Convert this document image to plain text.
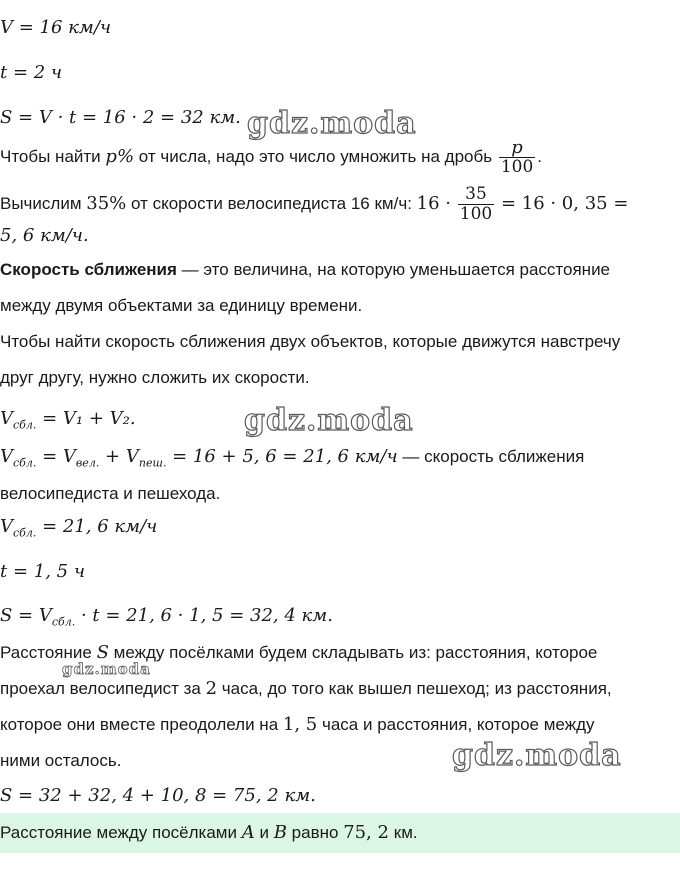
V = 16 км/ч
t = 2 ч
S = V · t = 16 · 2 = 32 км.
Чтобы найти p% от числа, надо это число умножить на дробь $\frac{p}{100}$ .
Вычислим 35% от скорости велосипедиста 16 км/ч: $16 \cdot \frac{35}{100} = 16 \cdot 0$, 35 =
5, 6 км/ч.
Скорость сближения — это величина, на которую уменьшается расстояние
между двумя объектами за единицу времени.
Чтобы найти скорость сближения двух объектов, которые движутся навстречу
друг другу, нужно сложить их скорости.
$V_{сбл.} = V_1 + V_2$.
$V_{сбл.} = V_{вел.} + V_{пеш.} = 16 + 5$, 6 = 21, 6 км/ч — скорость сближения
велосипедиста и пешехода.
$V_{сбл.} = 21$, 6 км/ч
t = 1, 5 ч
$S = V_{сбл.} \cdot t = 21$, 6 · 1, 5 = 32, 4 км.
Расстояние S между посёлками будем складывать из: расстояния, которое
проехал велосипедист за 2 часа, до того как вышел пешеход; из расстояния,
которое они вместе преодолели на 1, 5 часа и расстояния, которое между
ними осталось.
S = 32 + 32, 4 + 10, 8 = 75, 2 км.
Расстояние между посёлками A и B равно 75, 2 км.
gdz.moda
gdz.moda
gdz.moda
gdz.moda
